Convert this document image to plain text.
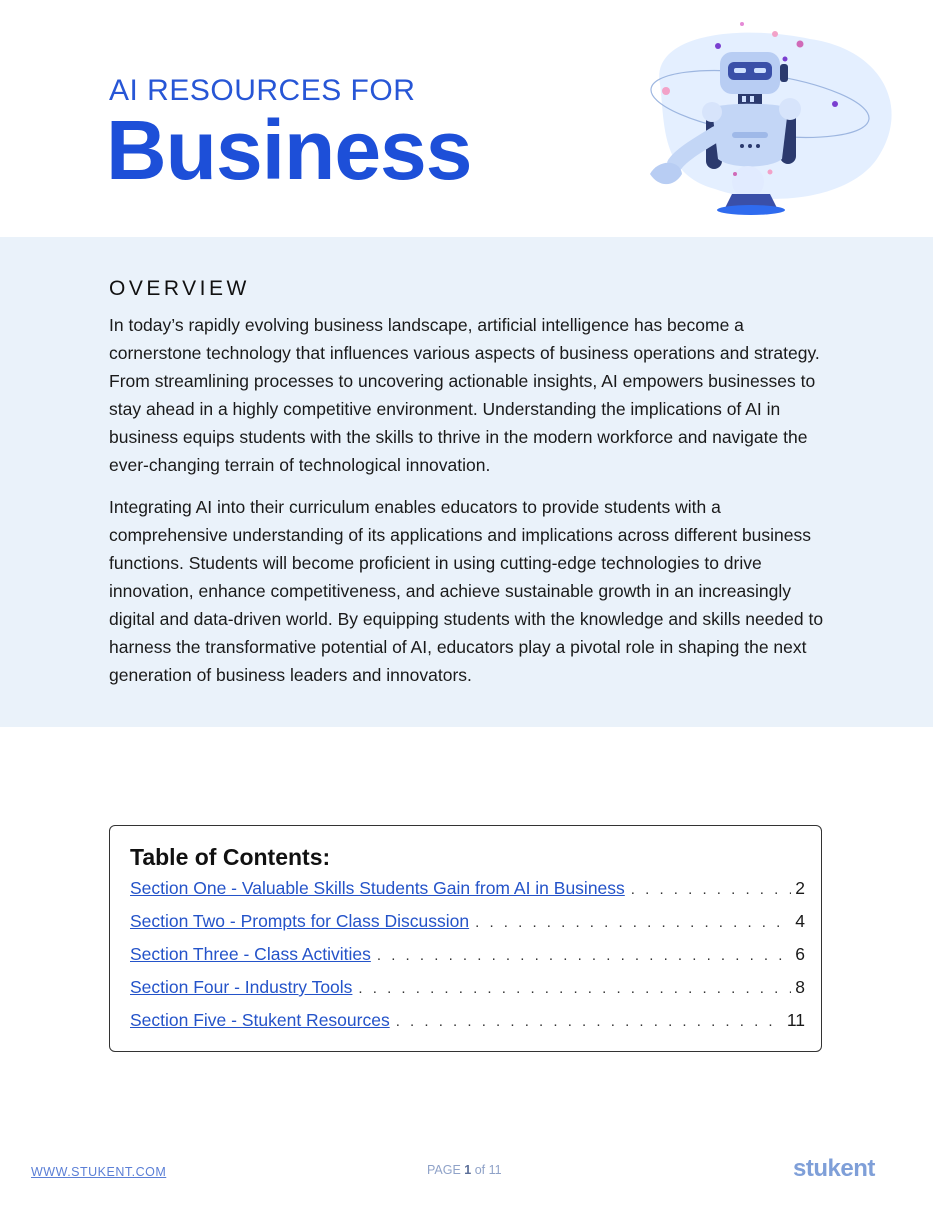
AI RESOURCES FOR
Business
OVERVIEW

In today’s rapidly evolving business landscape, artificial intelligence has become a cornerstone technology that influences various aspects of business operations and strategy. From streamlining processes to uncovering actionable insights, AI empowers businesses to stay ahead in a highly competitive environment. Understanding the implications of AI in business equips students with the skills to thrive in the modern workforce and navigate the ever-changing terrain of technological innovation.

Integrating AI into their curriculum enables educators to provide students with a comprehensive understanding of its applications and implications across different business functions. Students will become proficient in using cutting-edge technologies to drive innovation, enhance competitiveness, and achieve sustainable growth in an increasingly digital and data-driven world. By equipping students with the knowledge and skills needed to harness the transformative potential of AI, educators play a pivotal role in shaping the next generation of business leaders and innovators.

Table of Contents:
Section One - Valuable Skills Students Gain from AI in Business . . .	2
Section Two - Prompts for Class Discussion . . .	4
Section Three - Class Activities . . .	6
Section Four - Industry Tools . . .	8
Section Five - Stukent Resources . . .	11
WWW.STUKENT.COM	PAGE 1 of 11	stukent
